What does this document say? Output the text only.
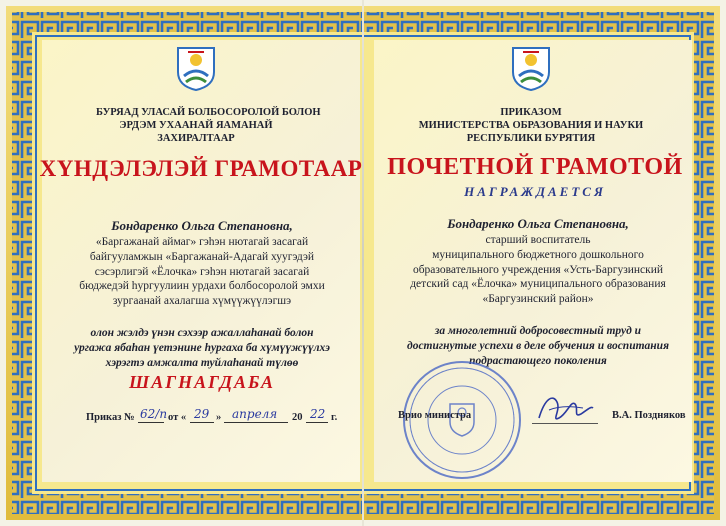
БУРЯАД УЛАСАЙ БОЛБОСОРОЛОЙ БОЛОН

ЭРДЭМ УХААНАЙ ЯАМАНАЙ

ЗАХИРАЛТААР

ХҮНДЭЛЭЛЭЙ ГРАМОТААР

Бондаренко Ольга Степановна,

«Баргажанай аймаг» гэһэн нютагай засагай

байгууламжын «Баргажанай-Адагай хуугэдэй

сэсэрлигэй «Ёлочка» гэһэн нютагай засагай

бюджедэй һургуулиин урдахи болбосоролой эмхи

зургаанай ахалагша хүмүүжүүлэгшэ

олон жэлдэ үнэн сэхээр ажаллаһанай болон

ургажа ябаһан үетэнине һургаха ба хүмүүжүүлхэ

хэрэгтэ амжалта туйлаһанай түлөө

ШАГНАГДАБА

Приказ № 62/п от « 29 » апреля 20 22 г.

ПРИКАЗОМ

МИНИСТЕРСТВА ОБРАЗОВАНИЯ И НАУКИ

РЕСПУБЛИКИ БУРЯТИЯ

ПОЧЕТНОЙ ГРАМОТОЙ

НАГРАЖДАЕТСЯ

Бондаренко Ольга Степановна,

старший воспитатель

муниципального бюджетного дошкольного

образовательного учреждения «Усть-Баргузинский

детский сад «Ёлочка» муниципального образования

«Баргузинский район»

за многолетний добросовестный труд и

достигнутые успехи в деле обучения и воспитания

подрастающего поколения

Врио министра	В.А. Поздняков
